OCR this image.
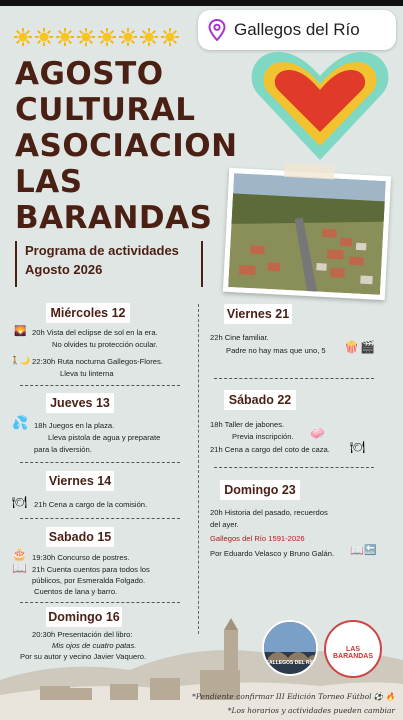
Gallegos del Río
AGOSTO
CULTURAL
ASOCIACION
LAS
BARANDAS
Programa de actividades
Agosto 2026
Miércoles 12
🌄 20h Vista del eclipse de sol en la era.
No olvides tu protección ocular.
🚶🌙 22:30h Ruta nocturna Gallegos-Flores.
Lleva tu linterna
Jueves 13
💦 18h Juegos en la plaza.
Lleva pistola de agua y preparate
para la diversión.
Viernes 14
🍽 21h Cena a cargo de la comisión.
Sabado 15
🎂 19:30h Concurso de postres.
📖 21h Cuenta cuentos para todos los
públicos, por Esmeralda Folgado.
Cuentos de lana y barro.
Domingo 16
20:30h Presentación del libro:
Mis ojos de cuatro patas.
Por su autor y vecino Javier Vaquero.
Viernes 21
22h Cine familiar.
Padre no hay mas que uno, 5 🍿 🎬
Sábado 22
18h Taller de jabones.
Previa inscripción. 🧼
21h Cena a cargo del coto de caza. 🍽
Domingo 23
20h Historia del pasado, recuerdos
del ayer.
Gallegos del Río 1591-2026
Por Eduardo Velasco y Bruno Galán. 📖 🔙
GALLEGOS DEL RÍO
LAS BARANDAS
*Pendiente confirmar III Edición Torneo Fútbol ⚽ 🔥
*Los horarios y actividades pueden cambiar
